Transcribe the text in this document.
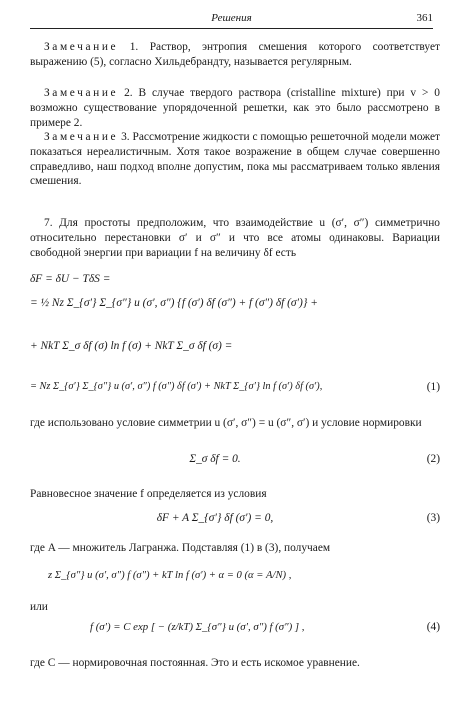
Решения	361

Замечание 1. Раствор, энтропия смешения которого соответствует выражению (5), согласно Хильдебрандту, называется регулярным.

Замечание 2. В случае твердого раствора (cristalline mixture) при v > 0 возможно существование упорядоченной решетки, как это было рассмотрено в примере 2.

Замечание 3. Рассмотрение жидкости с помощью решеточной модели может показаться нереалистичным. Хотя такое возражение в общем случае совершенно справедливо, наш подход вполне допустим, пока мы рассматриваем только явления смешения.

7. Для простоты предположим, что взаимодействие u (σ′, σ″) симметрично относительно перестановки σ′ и σ″ и что все атомы одинаковы. Вариации свободной энергии при вариации f на величину δf есть

δF = δU − TδS =
= ½ Nz Σ_{σ′} Σ_{σ″} u (σ′, σ″) {f (σ′) δf (σ″) + f (σ″) δf (σ′)} +
+ NkT Σ_σ δf (σ) ln f (σ) + NkT Σ_σ δf (σ) =
= Nz Σ_{σ′} Σ_{σ″} u (σ′, σ″) f (σ″) δf (σ′) + NkT Σ_{σ′} ln f (σ′) δf (σ′),	(1)

где использовано условие симметрии u (σ′, σ″) = u (σ″, σ′) и условие нормировки

Σ_σ δf = 0.	(2)

Равновесное значение f определяется из условия

δF + A Σ_{σ′} δf (σ′) = 0,	(3)

где A — множитель Лагранжа. Подставляя (1) в (3), получаем

z Σ_{σ″} u (σ′, σ″) f (σ″) + kT ln f (σ′) + α = 0 (α = A/N) ,

или

f (σ′) = C exp [ − (z/kT) Σ_{σ″} u (σ′, σ″) f (σ″) ] ,	(4)

где C — нормировочная постоянная. Это и есть искомое уравнение.
